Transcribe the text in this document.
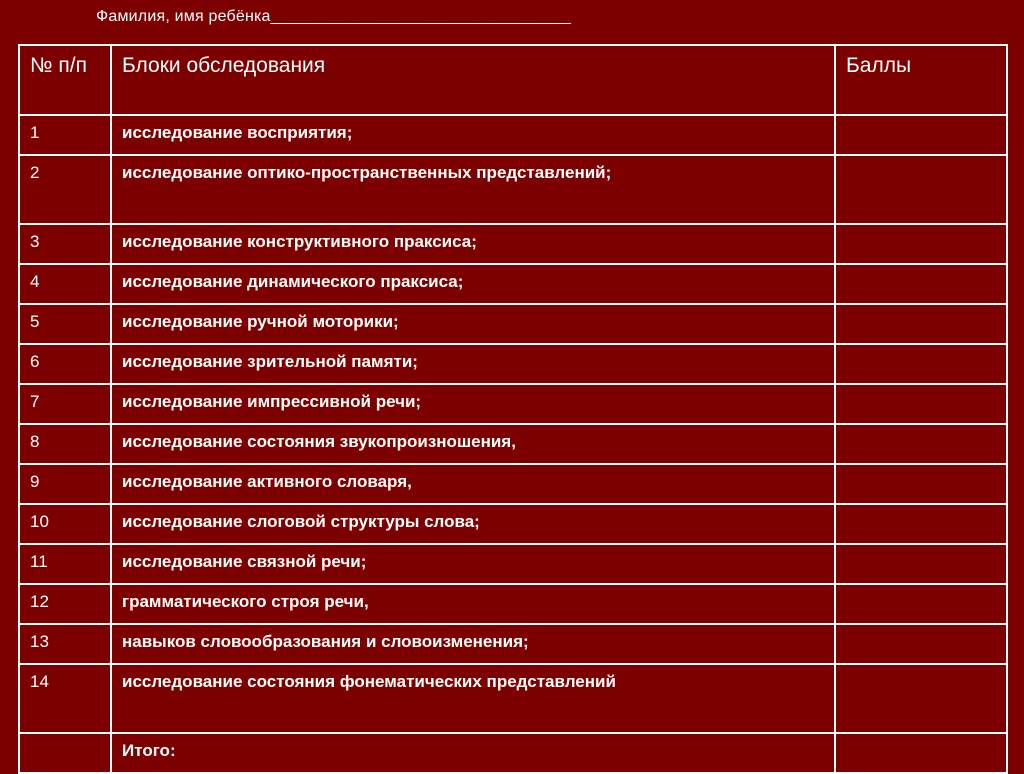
Фамилия, имя ребёнка_________________________________
№ п/п	Блоки обследования	Баллы
1	исследование восприятия;	
2	исследование оптико-пространственных представлений;	
3	исследование конструктивного праксиса;	
4	исследование динамического праксиса;	
5	исследование ручной моторики;	
6	исследование зрительной памяти;	
7	исследование импрессивной речи;	
8	исследование состояния звукопроизношения,	
9	исследование активного словаря,	
10	исследование слоговой структуры слова;	
11	исследование связной речи;	
12	грамматического строя речи,	
13	навыков словообразования и словоизменения;	
14	исследование состояния фонематических представлений	
	Итого:	
